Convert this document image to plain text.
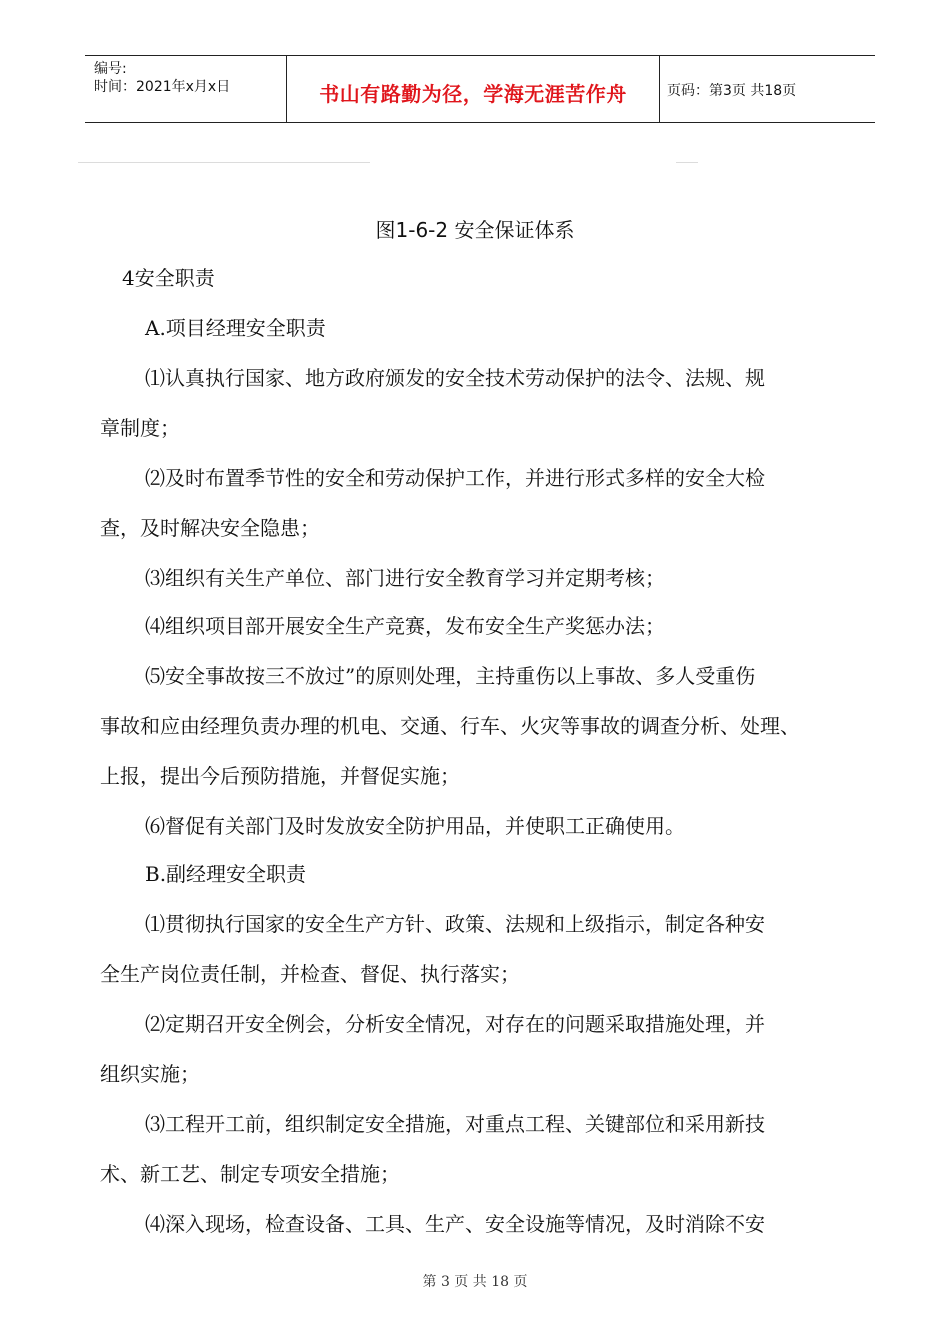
编号:
时间：2021年x月x日	书山有路勤为径，学海无涯苦作舟	页码：第3页 共18页
图1-6-2 安全保证体系
4安全职责
A.项目经理安全职责
⑴认真执行国家、地方政府颁发的安全技术劳动保护的法令、法规、规
章制度；
⑵及时布置季节性的安全和劳动保护工作，并进行形式多样的安全大检
查，及时解决安全隐患；
⑶组织有关生产单位、部门进行安全教育学习并定期考核；
⑷组织项目部开展安全生产竞赛，发布安全生产奖惩办法；
⑸安全事故按三不放过”的原则处理，主持重伤以上事故、多人受重伤
事故和应由经理负责办理的机电、交通、行车、火灾等事故的调查分析、处理、
上报，提出今后预防措施，并督促实施；
⑹督促有关部门及时发放安全防护用品，并使职工正确使用。
B.副经理安全职责
⑴贯彻执行国家的安全生产方针、政策、法规和上级指示，制定各种安
全生产岗位责任制，并检查、督促、执行落实；
⑵定期召开安全例会，分析安全情况，对存在的问题采取措施处理，并
组织实施；
⑶工程开工前，组织制定安全措施，对重点工程、关键部位和采用新技
术、新工艺、制定专项安全措施；
⑷深入现场，检查设备、工具、生产、安全设施等情况，及时消除不安
第 3 页 共 18 页
